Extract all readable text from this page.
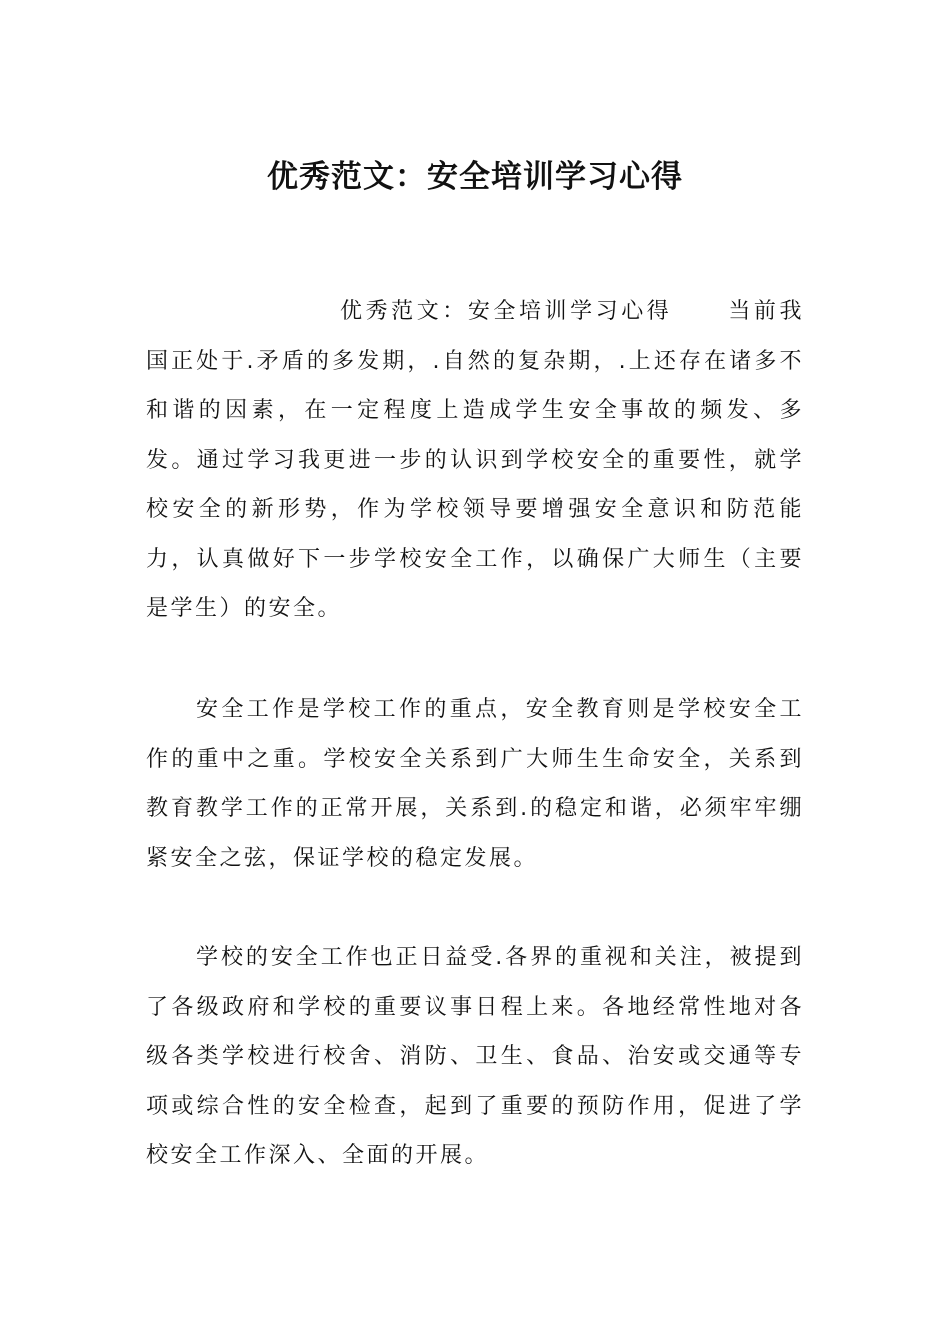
优秀范文：安全培训学习心得

优秀范文：安全培训学习心得	当前我国正处于.矛盾的多发期，.自然的复杂期，.上还存在诸多不和谐的因素，在一定程度上造成学生安全事故的频发、多发。通过学习我更进一步的认识到学校安全的重要性，就学校安全的新形势，作为学校领导要增强安全意识和防范能力，认真做好下一步学校安全工作，以确保广大师生（主要是学生）的安全。

安全工作是学校工作的重点，安全教育则是学校安全工作的重中之重。学校安全关系到广大师生生命安全，关系到教育教学工作的正常开展，关系到.的稳定和谐，必须牢牢绷紧安全之弦，保证学校的稳定发展。

学校的安全工作也正日益受.各界的重视和关注，被提到了各级政府和学校的重要议事日程上来。各地经常性地对各级各类学校进行校舍、消防、卫生、食品、治安或交通等专项或综合性的安全检查，起到了重要的预防作用，促进了学校安全工作深入、全面的开展。
